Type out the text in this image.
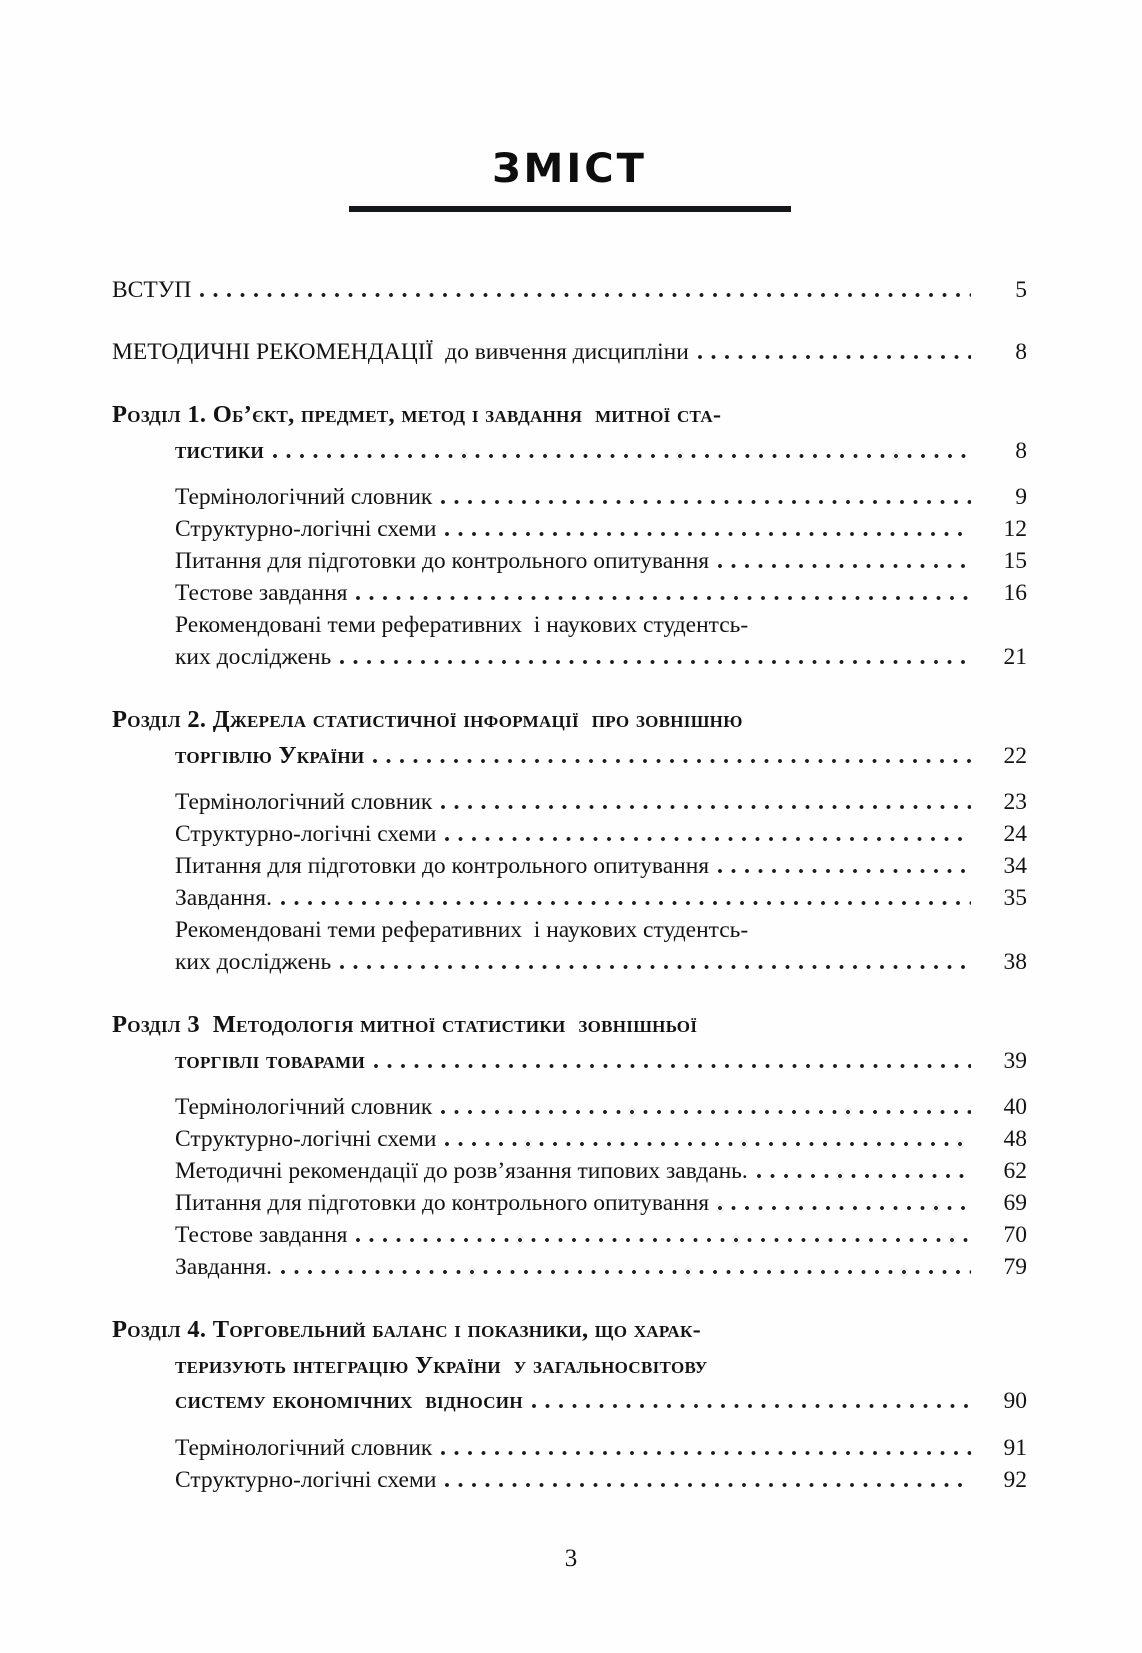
ЗМІСТ
ВСТУП	5
МЕТОДИЧНІ РЕКОМЕНДАЦІЇ до вивчення дисципліни	8
Розділ 1. Об’єкт, предмет, метод і завдання  митної ста-
тистики	8
Термінологічний словник	9
Структурно-логічні схеми	12
Питання для підготовки до контрольного опитування	15
Тестове завдання	16
Рекомендовані теми реферативних  і наукових студентсь-
ких досліджень	21
Розділ 2. Джерела статистичної інформації  про зовнішню
торгівлю України	22
Термінологічний словник	23
Структурно-логічні схеми	24
Питання для підготовки до контрольного опитування	34
Завдання.	35
Рекомендовані теми реферативних  і наукових студентсь-
ких досліджень	38
Розділ 3  Методологія митної статистики  зовнішньої
торгівлі товарами	39
Термінологічний словник	40
Структурно-логічні схеми	48
Методичні рекомендації до розв’язання типових завдань.	62
Питання для підготовки до контрольного опитування	69
Тестове завдання	70
Завдання.	79
Розділ 4. Торговельний баланс і показники, що харак-
теризують інтеграцію України  у загальносвітову
систему економічних  відносин	90
Термінологічний словник	91
Структурно-логічні схеми	92
3
